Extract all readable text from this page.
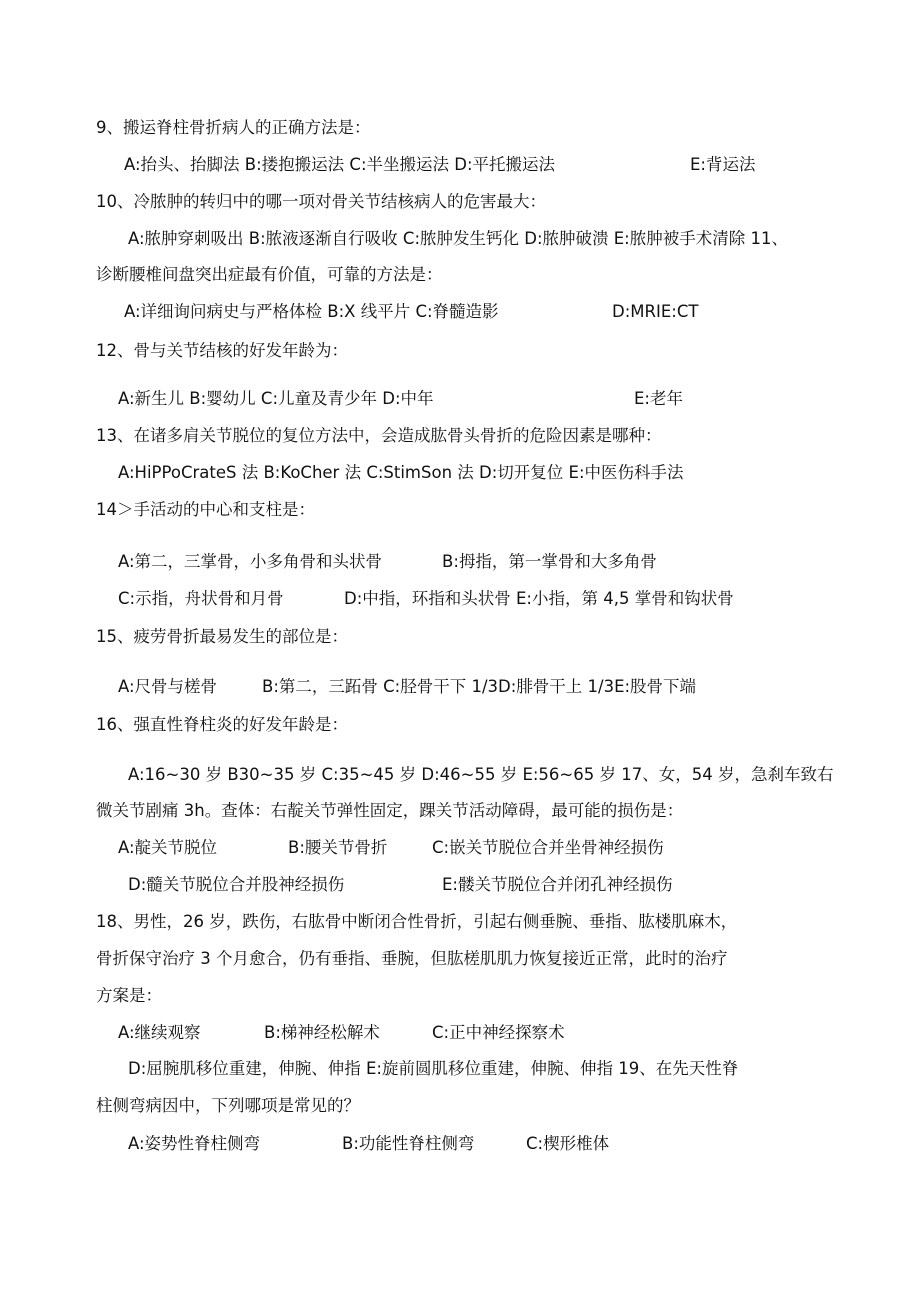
9、搬运脊柱骨折病人的正确方法是：
A:抬头、抬脚法 B:搂抱搬运法 C:半坐搬运法 D:平托搬运法	E:背运法
10、冷脓肿的转归中的哪一项对骨关节结核病人的危害最大：
A:脓肿穿刺吸出 B:脓液逐渐自行吸收 C:脓肿发生钙化 D:脓肿破溃 E:脓肿被手术清除 11、
诊断腰椎间盘突出症最有价值，可靠的方法是：
A:详细询问病史与严格体检 B:X 线平片 C:脊髓造影	D:MRIE:CT
12、骨与关节结核的好发年龄为：
A:新生儿 B:婴幼儿 C:儿童及青少年 D:中年	E:老年
13、在诸多肩关节脱位的复位方法中，会造成肱骨头骨折的危险因素是哪种：
A:HiPPoCrateS 法 B:KoCher 法 C:StimSon 法 D:切开复位 E:中医伤科手法
14＞手活动的中心和支柱是：
A:第二，三掌骨，小多角骨和头状骨	B:拇指，第一掌骨和大多角骨
C:示指，舟状骨和月骨	D:中指，环指和头状骨 E:小指，第 4,5 掌骨和钩状骨
15、疲劳骨折最易发生的部位是：
A:尺骨与槎骨	B:第二，三跖骨 C:胫骨干下 1/3D:腓骨干上 1/3E:股骨下端
16、强直性脊柱炎的好发年龄是：
A:16~30 岁 B30~35 岁 C:35~45 岁 D:46~55 岁 E:56~65 岁 17、女，54 岁，急刹车致右
微关节剧痛 3h。查体：右靛关节弹性固定，踝关节活动障碍，最可能的损伤是：
A:靛关节脱位	B:腰关节骨折	C:嵌关节脱位合并坐骨神经损伤
D:髓关节脱位合并股神经损伤	E:髅关节脱位合并闭孔神经损伤
18、男性，26 岁，跌伤，右肱骨中断闭合性骨折，引起右侧垂腕、垂指、肱楼肌麻木，
骨折保守治疗 3 个月愈合，仍有垂指、垂腕，但肱槎肌肌力恢复接近正常，此时的治疗
方案是：
A:继续观察	B:梯神经松解术	C:正中神经探察术
D:屈腕肌移位重建，伸腕、伸指 E:旋前圆肌移位重建，伸腕、伸指 19、在先天性脊
柱侧弯病因中，下列哪项是常见的？
A:姿势性脊柱侧弯	B:功能性脊柱侧弯	C:楔形椎体
